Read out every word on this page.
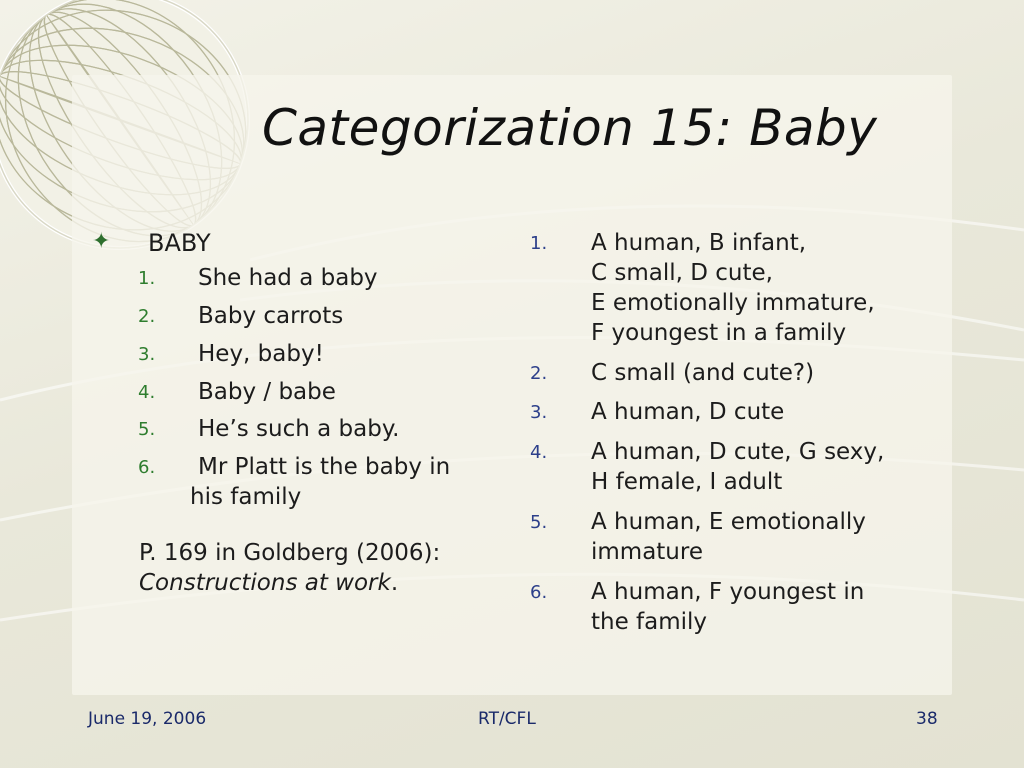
Categorization 15: Baby
✦ BABY
1. She had a baby
2. Baby carrots
3. Hey, baby!
4. Baby / babe
5. He’s such a baby.
6. Mr Platt is the baby in his family
P. 169 in Goldberg (2006):
Constructions at work.
1. A human, B infant,
C small, D cute,
E emotionally immature,
F youngest in a family
2. C small (and cute?)
3. A human, D cute
4. A human, D cute, G sexy,
H female, I adult
5. A human, E emotionally
immature
6. A human, F youngest in
the family
June 19, 2006	RT/CFL	38
